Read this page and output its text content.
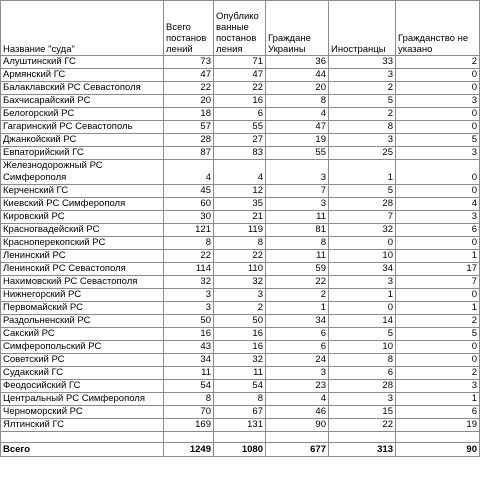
Название "суда"	Всего постанов лений	Опублико ванные постанов ления	Граждане Украины	Иностранцы	Гражданство не указано
Алуштинский ГС	73	71	36	33	2
Армянский ГС	47	47	44	3	0
Балаклавский РС Севастополя	22	22	20	2	0
Бахчисарайский РС	20	16	8	5	3
Белогорский РС	18	6	4	2	0
Гагаринский РС Севастополь	57	55	47	8	0
Джанкойский РС	28	27	19	3	5
Евпаторийский ГС	87	83	55	25	3
Железнодорожный РС Симферополя	4	4	3	1	0
Керченский ГС	45	12	7	5	0
Киевский РС Симферополя	60	35	3	28	4
Кировский РС	30	21	11	7	3
Красногвадейский РС	121	119	81	32	6
Красноперекопский РС	8	8	8	0	0
Ленинский РС	22	22	11	10	1
Ленинский РС Севастополя	114	110	59	34	17
Нахимовский РС Севастополя	32	32	22	3	7
Нижнегорский РС	3	3	2	1	0
Первомайский РС	3	2	1	0	1
Раздольненский РС	50	50	34	14	2
Сакский РС	16	16	6	5	5
Симферопольский РС	43	16	6	10	0
Советский РС	34	32	24	8	0
Судакский ГС	11	11	3	6	2
Феодосийский ГС	54	54	23	28	3
Центральный РС Симферополя	8	8	4	3	1
Черноморский РС	70	67	46	15	6
Ялтинский ГС	169	131	90	22	19

Всего	1249	1080	677	313	90
